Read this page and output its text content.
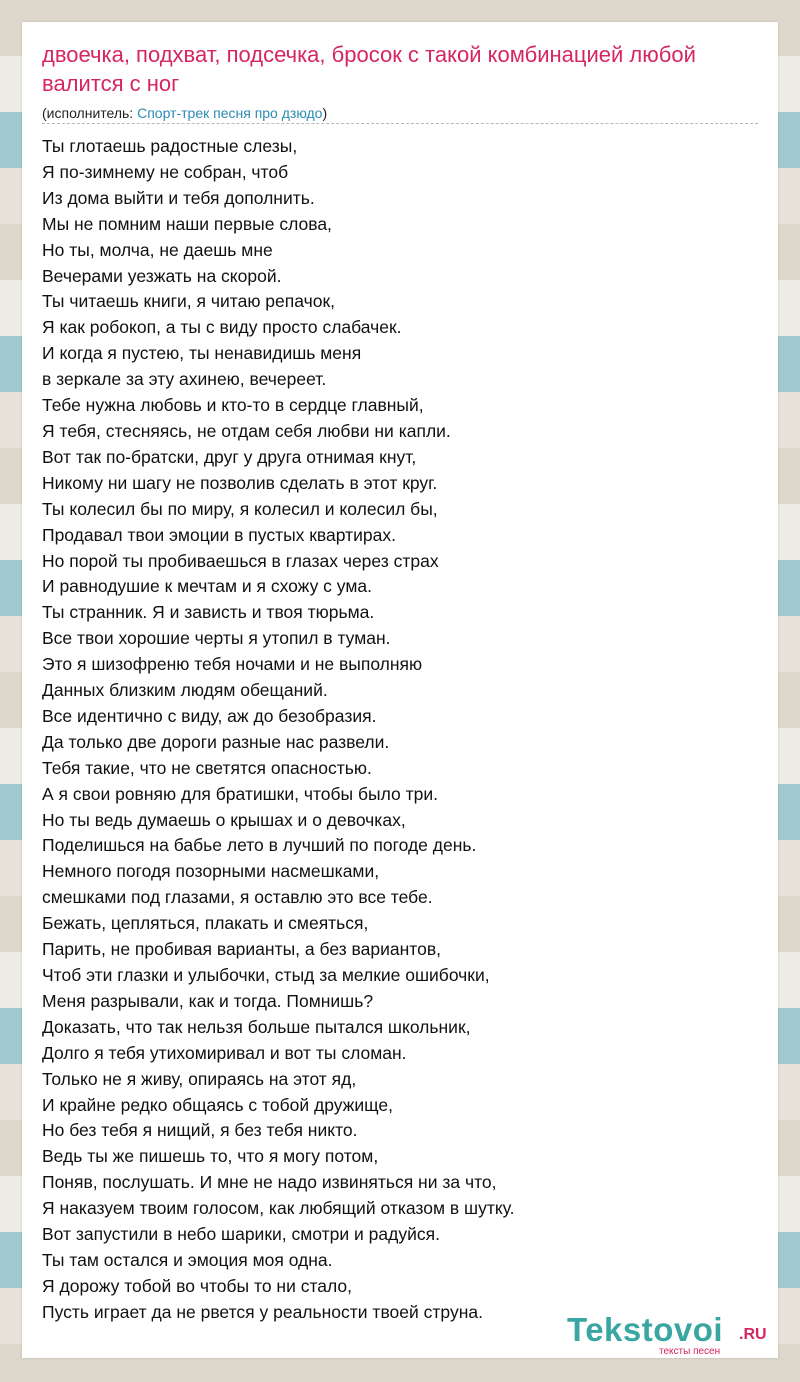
двоечка, подхват, подсечка, бросок с такой комбинацией любой валится с ног
(исполнитель: Спорт-трек песня про дзюдо)
Ты глотаешь радостные слезы,
Я по-зимнему не собран, чтоб
Из дома выйти и тебя дополнить.
Мы не помним наши первые слова,
Но ты, молча, не даешь мне
Вечерами уезжать на скорой.
Ты читаешь книги, я читаю репачок,
Я как робокоп, а ты с виду просто слабачек.
И когда я пустею, ты ненавидишь меня
в зеркале за эту ахинею, вечереет.
Тебе нужна любовь и кто-то в сердце главный,
Я тебя, стесняясь, не отдам себя любви ни капли.
Вот так по-братски, друг у друга отнимая кнут,
Никому ни шагу не позволив сделать в этот круг.
Ты колесил бы по миру, я колесил и колесил бы,
Продавал твои эмоции в пустых квартирах.
Но порой ты пробиваешься в глазах через страх
И равнодушие к мечтам и я схожу с ума.
Ты странник. Я и зависть и твоя тюрьма.
Все твои хорошие черты я утопил в туман.
Это я шизофреню тебя ночами и не выполняю
Данных близким людям обещаний.
Все идентично с виду, аж до безобразия.
Да только две дороги разные нас развели.
Тебя такие, что не светятся опасностью.
А я свои ровняю для братишки, чтобы было три.
Но ты ведь думаешь о крышах и о девочках,
Поделишься на бабье лето в лучший по погоде день.
Немного погодя позорными насмешками,
смешками под глазами, я оставлю это все тебе.
Бежать, цепляться, плакать и смеяться,
Парить, не пробивая варианты, а без вариантов,
Чтоб эти глазки и улыбочки, стыд за мелкие ошибочки,
Меня разрывали, как и тогда. Помнишь?
Доказать, что так нельзя больше пытался школьник,
Долго я тебя утихомиривал и вот ты сломан.
Только не я живу, опираясь на этот яд,
И крайне редко общаясь с тобой дружище,
Но без тебя я нищий, я без тебя никто.
Ведь ты же пишешь то, что я могу потом,
Поняв, послушать. И мне не надо извиняться ни за что,
Я наказуем твоим голосом, как любящий отказом в шутку.
Вот запустили в небо шарики, смотри и радуйся.
Ты там остался и эмоция моя одна.
Я дорожу тобой во чтобы то ни стало,
Пусть играет да не рвется у реальности твоей струна.	Tekstovoi .RU
тексты песен
